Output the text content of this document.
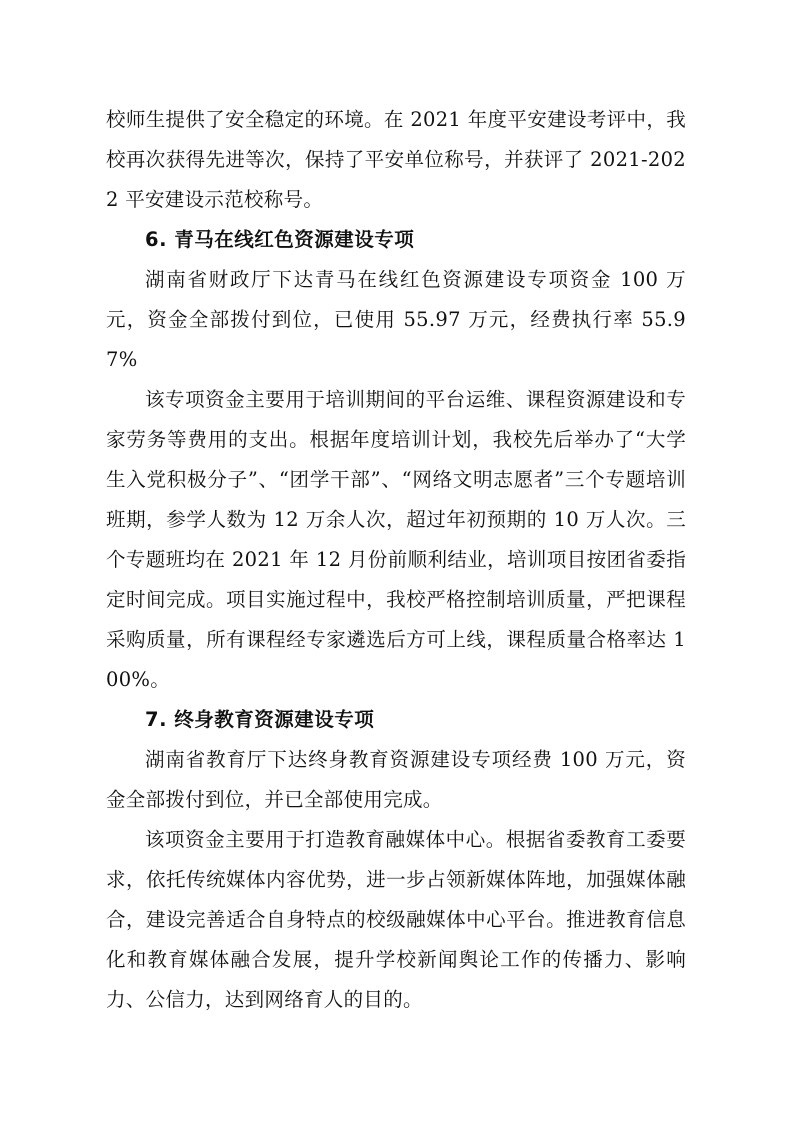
校师生提供了安全稳定的环境。在 2021 年度平安建设考评中，我校再次获得先进等次，保持了平安单位称号，并获评了 2021-2022 平安建设示范校称号。

6. 青马在线红色资源建设专项

湖南省财政厅下达青马在线红色资源建设专项资金 100 万元，资金全部拨付到位，已使用 55.97 万元，经费执行率 55.97%

该专项资金主要用于培训期间的平台运维、课程资源建设和专家劳务等费用的支出。根据年度培训计划，我校先后举办了“大学生入党积极分子”、“团学干部”、“网络文明志愿者”三个专题培训班期，参学人数为 12 万余人次，超过年初预期的 10 万人次。三个专题班均在 2021 年 12 月份前顺利结业，培训项目按团省委指定时间完成。项目实施过程中，我校严格控制培训质量，严把课程采购质量，所有课程经专家遴选后方可上线，课程质量合格率达 100%。

7. 终身教育资源建设专项

湖南省教育厅下达终身教育资源建设专项经费 100 万元，资金全部拨付到位，并已全部使用完成。

该项资金主要用于打造教育融媒体中心。根据省委教育工委要求，依托传统媒体内容优势，进一步占领新媒体阵地，加强媒体融合，建设完善适合自身特点的校级融媒体中心平台。推进教育信息化和教育媒体融合发展，提升学校新闻舆论工作的传播力、影响力、公信力，达到网络育人的目的。
